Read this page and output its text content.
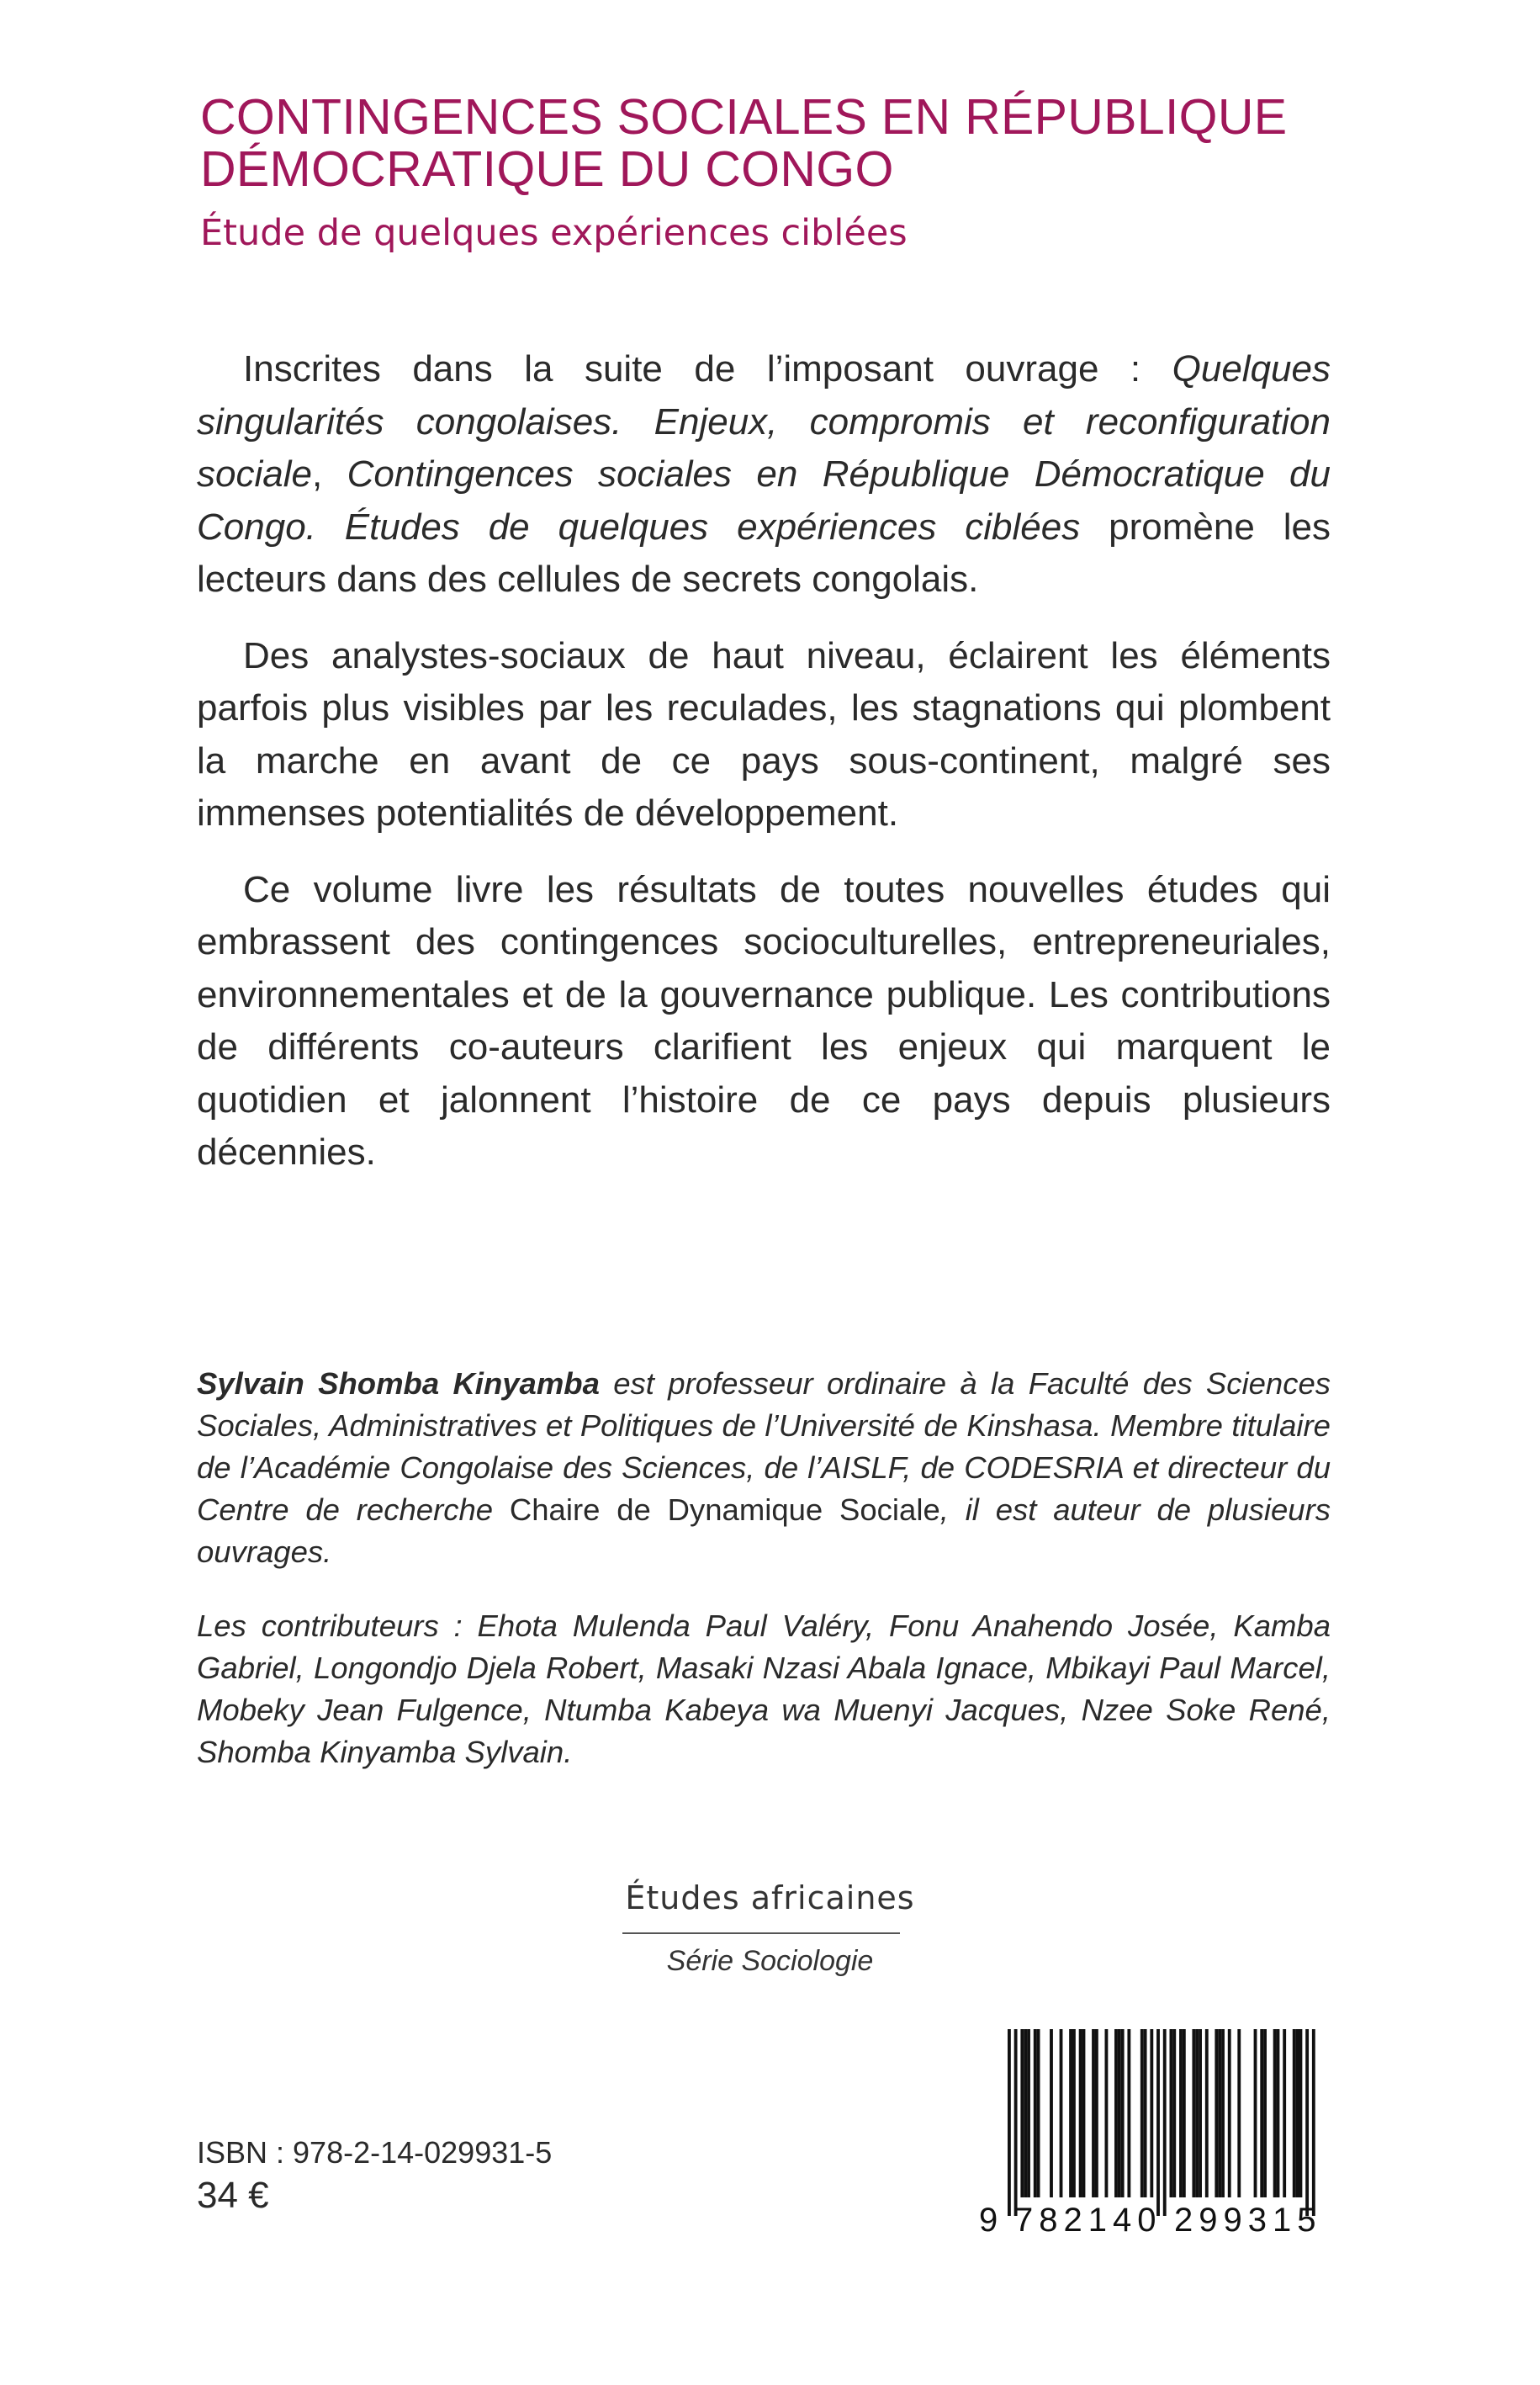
CONTINGENCES SOCIALES EN RÉPUBLIQUE
DÉMOCRATIQUE DU CONGO
Étude de quelques expériences ciblées

Inscrites dans la suite de l’imposant ouvrage : Quelques singularités congolaises. Enjeux, compromis et reconfiguration sociale, Contingences sociales en République Démocratique du Congo. Études de quelques expériences ciblées promène les lecteurs dans des cellules de secrets congolais.

Des analystes-sociaux de haut niveau, éclairent les éléments parfois plus visibles par les reculades, les stagnations qui plombent la marche en avant de ce pays sous-continent, malgré ses immenses potentialités de développement.

Ce volume livre les résultats de toutes nouvelles études qui embrassent des contingences socioculturelles, entrepreneuriales, environnementales et de la gouvernance publique. Les contributions de différents co-auteurs clarifient les enjeux qui marquent le quotidien et jalonnent l’histoire de ce pays depuis plusieurs décennies.

Sylvain Shomba Kinyamba est professeur ordinaire à la Faculté des Sciences Sociales, Administratives et Politiques de l’Université de Kinshasa. Membre titulaire de l’Académie Congolaise des Sciences, de l’AISLF, de CODESRIA et directeur du Centre de recherche Chaire de Dynamique Sociale, il est auteur de plusieurs ouvrages.

Les contributeurs : Ehota Mulenda Paul Valéry, Fonu Anahendo Josée, Kamba Gabriel, Longondjo Djela Robert, Masaki Nzasi Abala Ignace, Mbikayi Paul Marcel, Mobeky Jean Fulgence, Ntumba Kabeya wa Muenyi Jacques, Nzee Soke René, Shomba Kinyamba Sylvain.

Études africaines
Série Sociologie
ISBN : 978-2-14-029931-5
34 €
9 782140 299315
